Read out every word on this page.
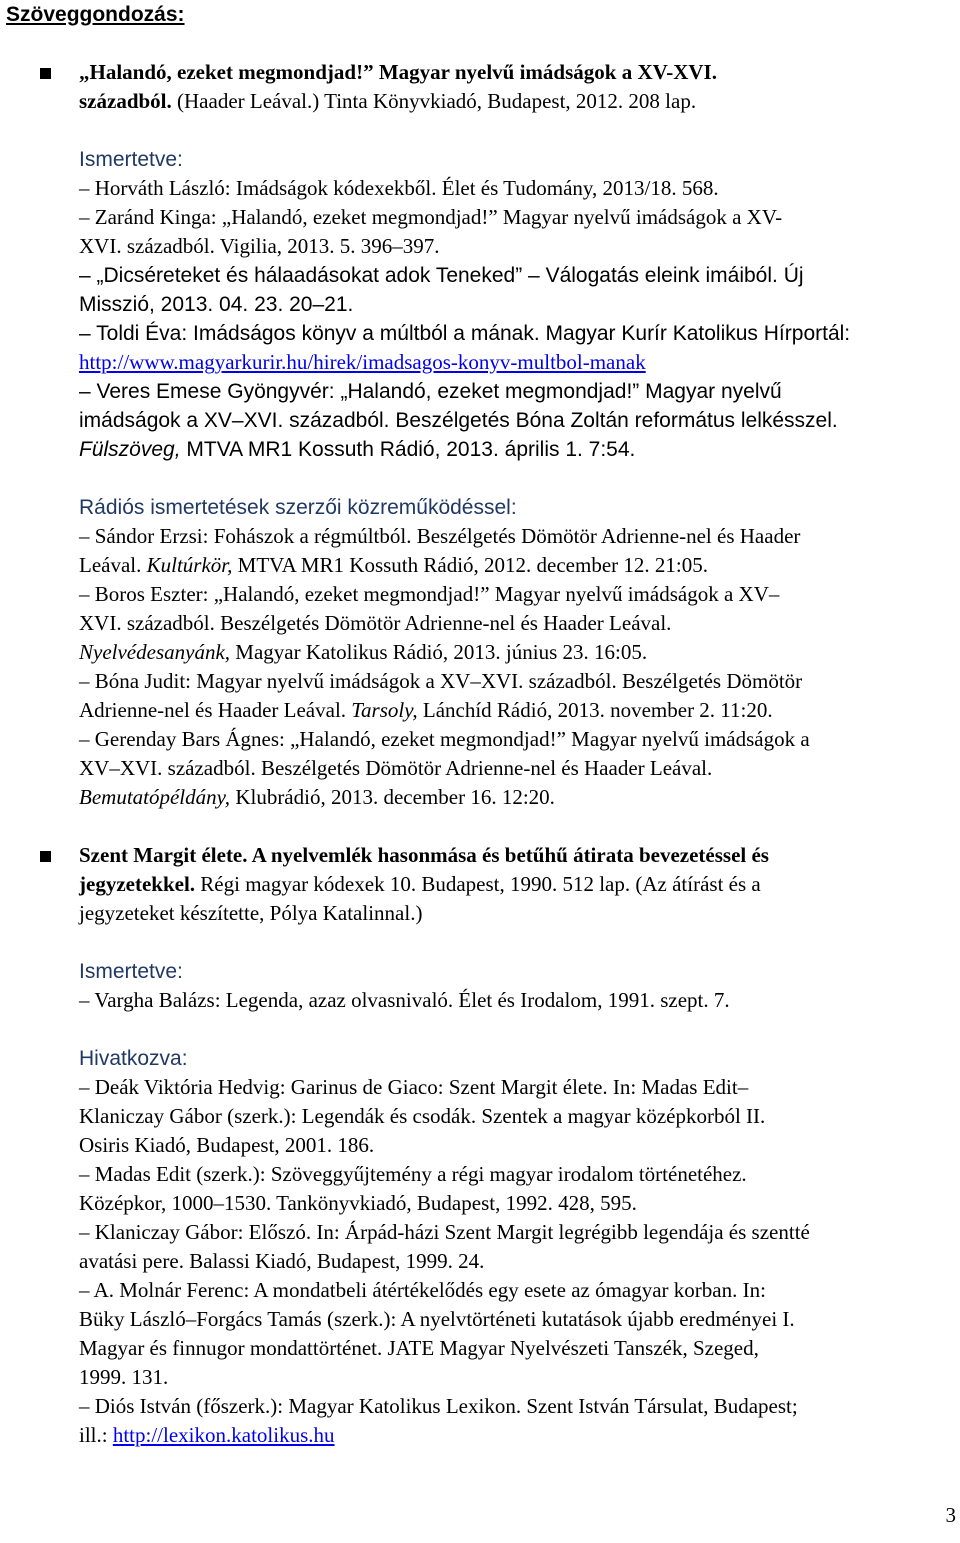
Szöveggondozás:
„Halandó, ezeket megmondjad!” Magyar nyelvű imádságok a XV-XVI.
századból. (Haader Leával.) Tinta Könyvkiadó, Budapest, 2012. 208 lap.
Ismertetve:
– Horváth László: Imádságok kódexekből. Élet és Tudomány, 2013/18. 568.
– Zaránd Kinga: „Halandó, ezeket megmondjad!” Magyar nyelvű imádságok a XV-
XVI. századból. Vigilia, 2013. 5. 396–397.
– „Dicséreteket és hálaadásokat adok Teneked” – Válogatás eleink imáiból. Új
Misszió, 2013. 04. 23. 20–21.
– Toldi Éva: Imádságos könyv a múltból a mának. Magyar Kurír Katolikus Hírportál:
http://www.magyarkurir.hu/hirek/imadsagos-konyv-multbol-manak
– Veres Emese Gyöngyvér: „Halandó, ezeket megmondjad!” Magyar nyelvű
imádságok a XV–XVI. századból. Beszélgetés Bóna Zoltán református lelkésszel.
Fülszöveg, MTVA MR1 Kossuth Rádió, 2013. április 1. 7:54.
Rádiós ismertetések szerzői közreműködéssel:
– Sándor Erzsi: Fohászok a régmúltból. Beszélgetés Dömötör Adrienne-nel és Haader
Leával. Kultúrkör, MTVA MR1 Kossuth Rádió, 2012. december 12. 21:05.
– Boros Eszter: „Halandó, ezeket megmondjad!” Magyar nyelvű imádságok a XV–
XVI. századból. Beszélgetés Dömötör Adrienne-nel és Haader Leával.
Nyelvédesanyánk, Magyar Katolikus Rádió, 2013. június 23. 16:05.
– Bóna Judit: Magyar nyelvű imádságok a XV–XVI. századból. Beszélgetés Dömötör
Adrienne-nel és Haader Leával. Tarsoly, Lánchíd Rádió, 2013. november 2. 11:20.
– Gerenday Bars Ágnes: „Halandó, ezeket megmondjad!” Magyar nyelvű imádságok a
XV–XVI. századból. Beszélgetés Dömötör Adrienne-nel és Haader Leával.
Bemutatópéldány, Klubrádió, 2013. december 16. 12:20.
Szent Margit élete. A nyelvemlék hasonmása és betűhű átirata bevezetéssel és
jegyzetekkel. Régi magyar kódexek 10. Budapest, 1990. 512 lap. (Az átírást és a
jegyzeteket készítette, Pólya Katalinnal.)
Ismertetve:
– Vargha Balázs: Legenda, azaz olvasnivaló. Élet és Irodalom, 1991. szept. 7.
Hivatkozva:
– Deák Viktória Hedvig: Garinus de Giaco: Szent Margit élete. In: Madas Edit–
Klaniczay Gábor (szerk.): Legendák és csodák. Szentek a magyar középkorból II.
Osiris Kiadó, Budapest, 2001. 186.
– Madas Edit (szerk.): Szöveggyűjtemény a régi magyar irodalom történetéhez.
Középkor, 1000–1530. Tankönyvkiadó, Budapest, 1992. 428, 595.
– Klaniczay Gábor: Előszó. In: Árpád-házi Szent Margit legrégibb legendája és szentté
avatási pere. Balassi Kiadó, Budapest, 1999. 24.
– A. Molnár Ferenc: A mondatbeli átértékelődés egy esete az ómagyar korban. In:
Büky László–Forgács Tamás (szerk.): A nyelvtörténeti kutatások újabb eredményei I.
Magyar és finnugor mondattörténet. JATE Magyar Nyelvészeti Tanszék, Szeged,
1999. 131.
– Diós István (főszerk.): Magyar Katolikus Lexikon. Szent István Társulat, Budapest;
ill.: http://lexikon.katolikus.hu
3
